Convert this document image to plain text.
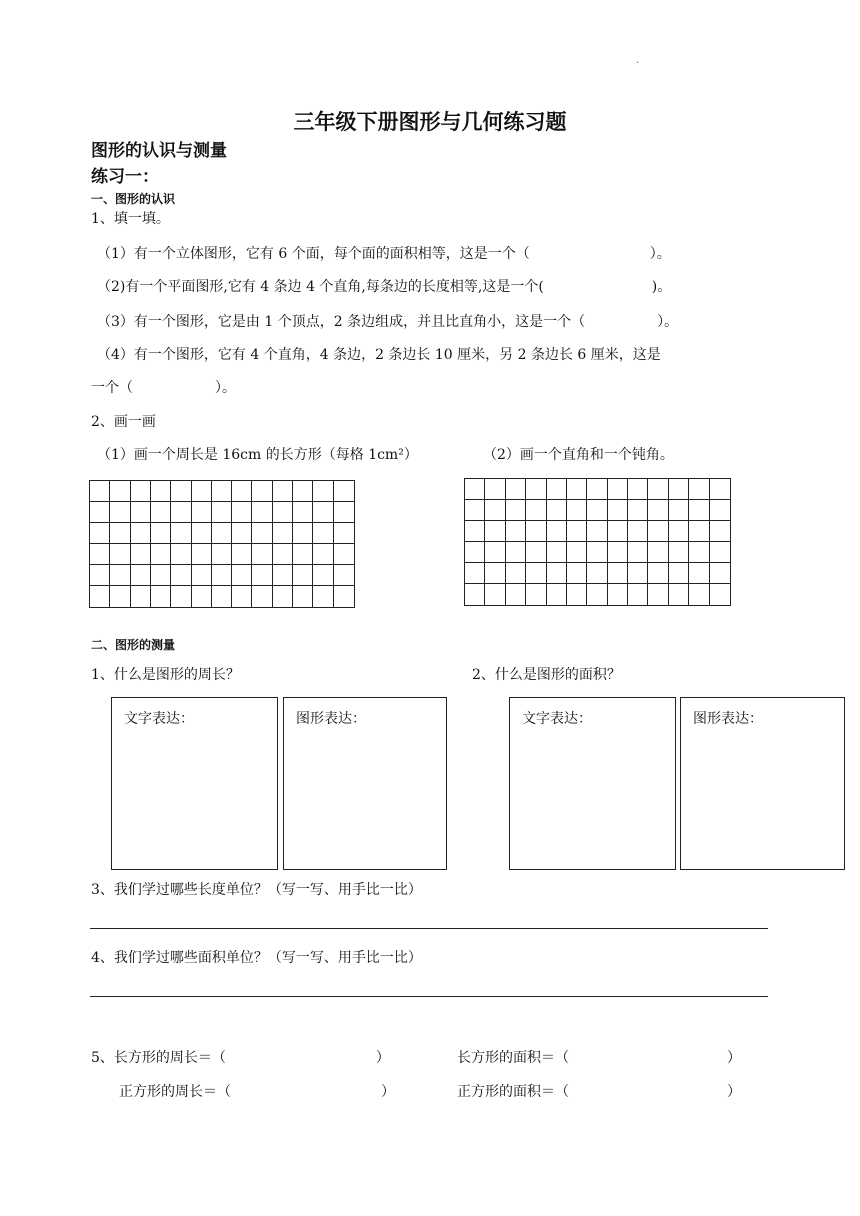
·
三年级下册图形与几何练习题
图形的认识与测量
练习一：
一、图形的认识
1、填一填。
（1）有一个立体图形，它有 6 个面，每个面的面积相等，这是一个（	）。
（2)有一个平面图形,它有 4 条边 4 个直角,每条边的长度相等,这是一个(	)。
（3）有一个图形，它是由 1 个顶点，2 条边组成，并且比直角小，这是一个（	）。
（4）有一个图形，它有 4 个直角，4 条边，2 条边长 10 厘米，另 2 条边长 6 厘米，这是
一个（	）。
2、画一画
（1）画一个周长是 16cm 的长方形（每格 1cm²）	（2）画一个直角和一个钝角。
二、图形的测量
1、什么是图形的周长？	2、什么是图形的面积？
文字表达：	图形表达：	文字表达：	图形表达：
3、我们学过哪些长度单位？（写一写、用手比一比）
4、我们学过哪些面积单位？（写一写、用手比一比）
5、长方形的周长＝（	）	长方形的面积＝（	）
正方形的周长＝（	）	正方形的面积＝（	）
